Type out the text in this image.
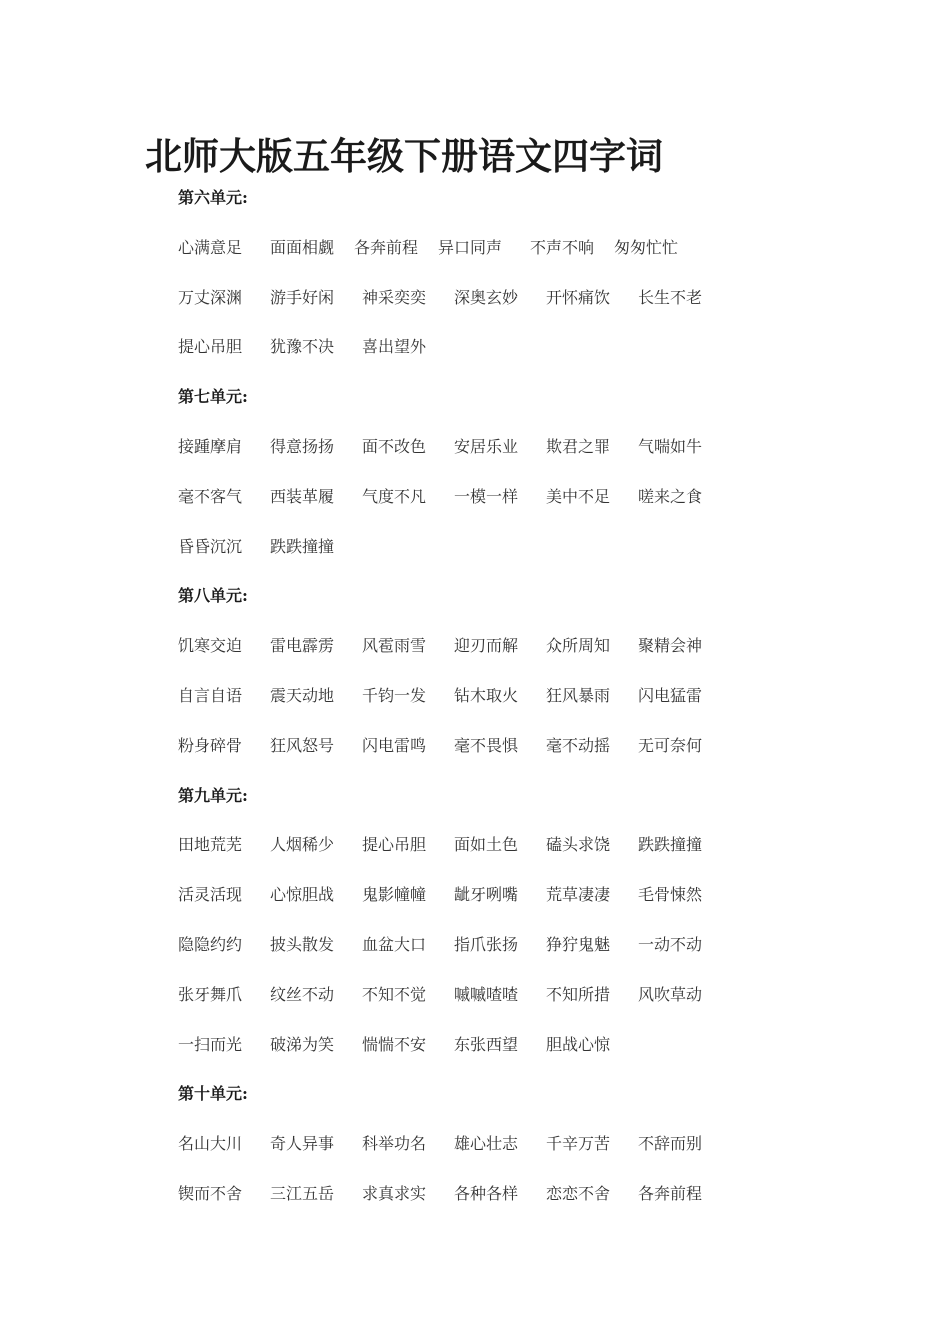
北师大版五年级下册语文四字词
第六单元:
心满意足 面面相觑 各奔前程 异口同声 不声不响 匆匆忙忙
万丈深渊 游手好闲 神采奕奕 深奥玄妙 开怀痛饮 长生不老
提心吊胆 犹豫不决 喜出望外
第七单元:
接踵摩肩 得意扬扬 面不改色 安居乐业 欺君之罪 气喘如牛
毫不客气 西装革履 气度不凡 一模一样 美中不足 嗟来之食
昏昏沉沉 跌跌撞撞
第八单元:
饥寒交迫 雷电霹雳 风雹雨雪 迎刃而解 众所周知 聚精会神
自言自语 震天动地 千钧一发 钻木取火 狂风暴雨 闪电猛雷
粉身碎骨 狂风怒号 闪电雷鸣 毫不畏惧 毫不动摇 无可奈何
第九单元:
田地荒芜 人烟稀少 提心吊胆 面如土色 磕头求饶 跌跌撞撞
活灵活现 心惊胆战 鬼影幢幢 龇牙咧嘴 荒草凄凄 毛骨悚然
隐隐约约 披头散发 血盆大口 指爪张扬 狰狞鬼魅 一动不动
张牙舞爪 纹丝不动 不知不觉 嘁嘁喳喳 不知所措 风吹草动
一扫而光 破涕为笑 惴惴不安 东张西望 胆战心惊
第十单元:
名山大川 奇人异事 科举功名 雄心壮志 千辛万苦 不辞而别
锲而不舍 三江五岳 求真求实 各种各样 恋恋不舍 各奔前程
